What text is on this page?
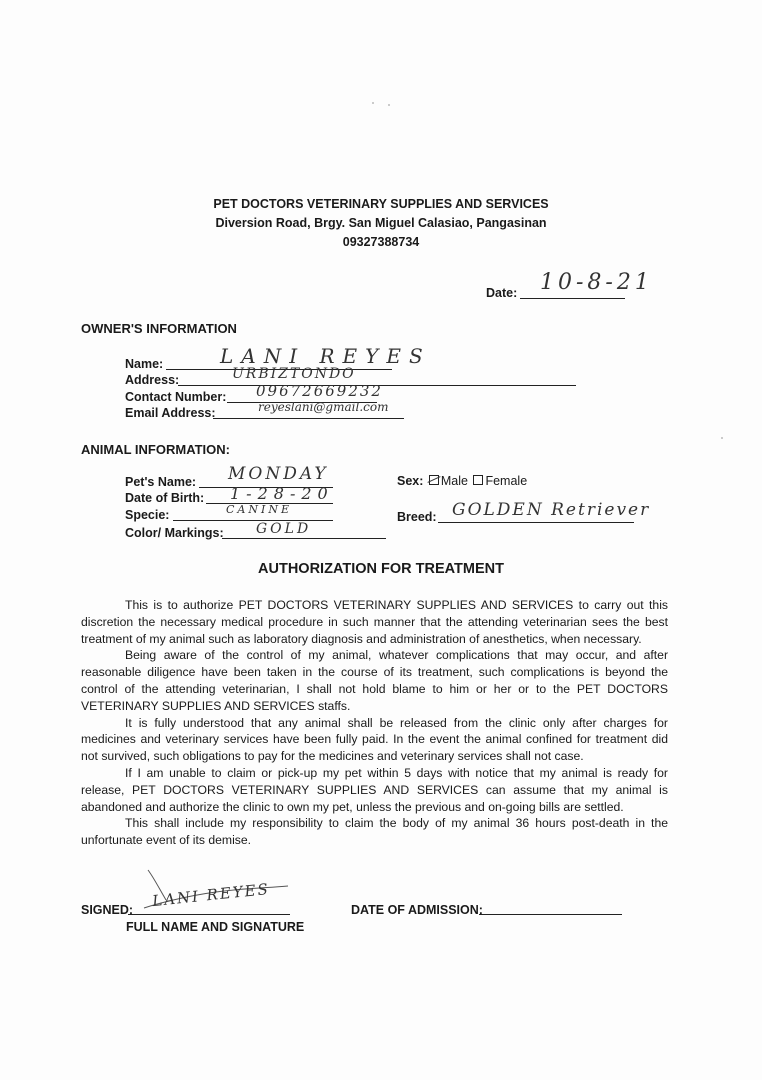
PET DOCTORS VETERINARY SUPPLIES AND SERVICES
Diversion Road, Brgy. San Miguel Calasiao, Pangasinan
09327388734
Date: 10-8-21
OWNER'S INFORMATION
Name:	LANI REYES
Address:	URBIZTONDO
Contact Number: 09672669232
Email Address:	reyeslani@gmail.com
ANIMAL INFORMATION:
Pet's Name: MONDAY
Date of Birth: 1-28-20
Specie:	CANINE
Color/ Markings: GOLD
Sex: Male Female
Breed: GOLDEN Retriever
AUTHORIZATION FOR TREATMENT

This is to authorize PET DOCTORS VETERINARY SUPPLIES AND SERVICES to carry out this discretion the necessary medical procedure in such manner that the attending veterinarian sees the best treatment of my animal such as laboratory diagnosis and administration of anesthetics, when necessary.

Being aware of the control of my animal, whatever complications that may occur, and after reasonable diligence have been taken in the course of its treatment, such complications is beyond the control of the attending veterinarian, I shall not hold blame to him or her or to the PET DOCTORS VETERINARY SUPPLIES AND SERVICES staffs.

It is fully understood that any animal shall be released from the clinic only after charges for medicines and veterinary services have been fully paid. In the event the animal confined for treatment did not survived, such obligations to pay for the medicines and veterinary services shall not case.

If I am unable to claim or pick-up my pet within 5 days with notice that my animal is ready for release, PET DOCTORS VETERINARY SUPPLIES AND SERVICES can assume that my animal is abandoned and authorize the clinic to own my pet, unless the previous and on-going bills are settled.

This shall include my responsibility to claim the body of my animal 36 hours post-death in the unfortunate event of its demise.

SIGNED: LANI REYES
FULL NAME AND SIGNATURE
DATE OF ADMISSION:
